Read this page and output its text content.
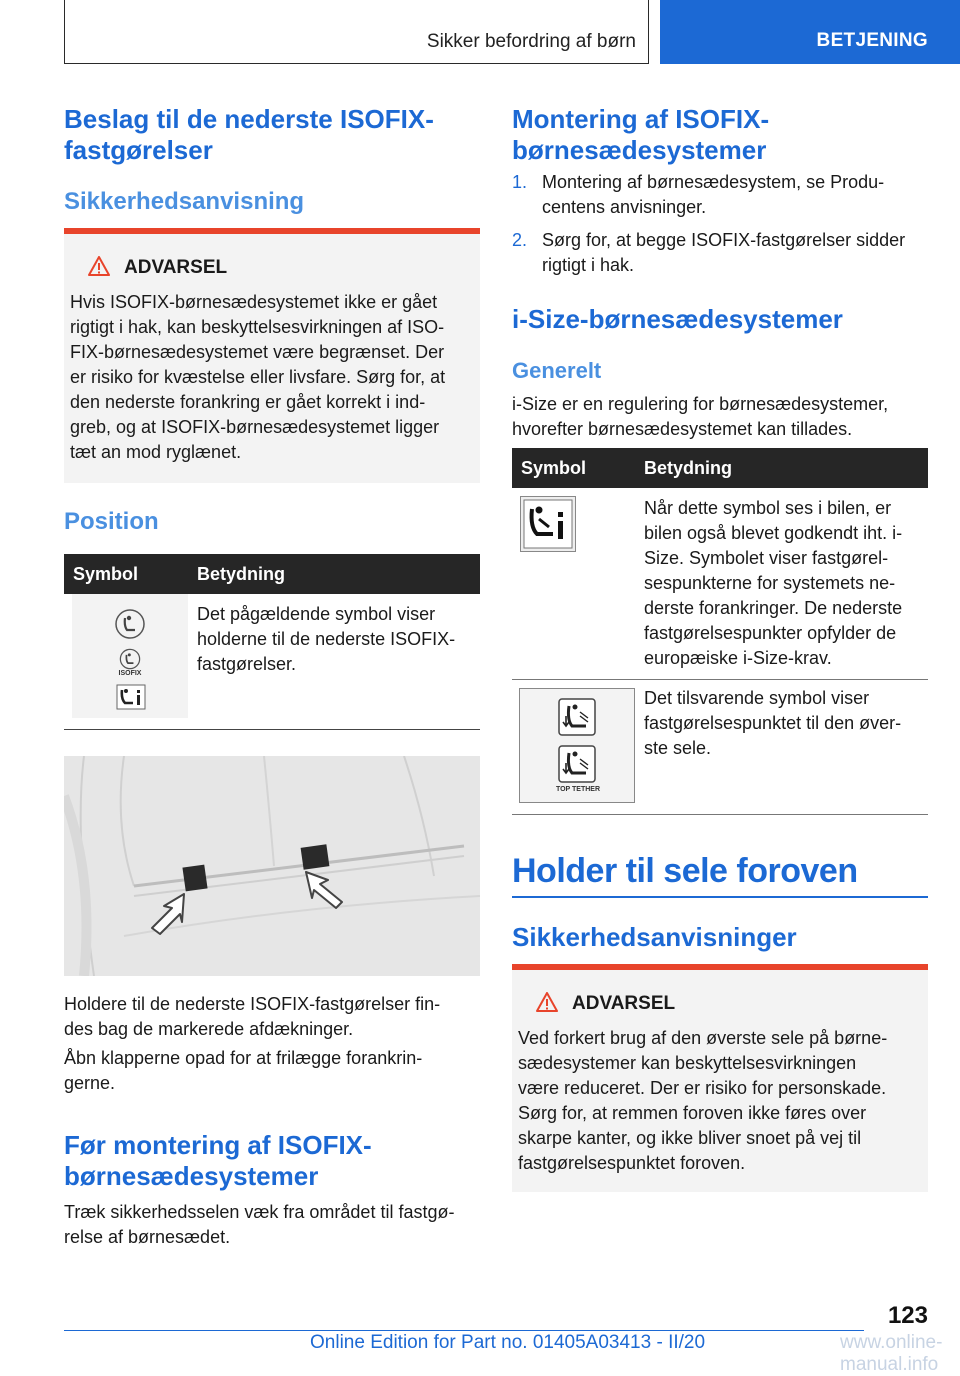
Sikker befordring af børn	BETJENING
Beslag til de nederste ISOFIX-
fastgørelser
Sikkerhedsanvisning
ADVARSEL
Hvis ISOFIX-børnesædesystemet ikke er gået
rigtigt i hak, kan beskyttelsesvirkningen af ISO-
FIX-børnesædesystemet være begrænset. Der
er risiko for kvæstelse eller livsfare. Sørg for, at
den nederste forankring er gået korrekt i ind-
greb, og at ISOFIX-børnesædesystemet ligger
tæt an mod ryglænet.
Position
Symbol	Betydning
ISOFIX
Det pågældende symbol viser
holderne til de nederste ISOFIX-
fastgørelser.
Holdere til de nederste ISOFIX-fastgørelser fin-
des bag de markerede afdækninger.
Åbn klapperne opad for at frilægge forankrin-
gerne.
Før montering af ISOFIX-
børnesædesystemer
Træk sikkerhedsselen væk fra området til fastgø-
relse af børnesædet.
Montering af ISOFIX-
børnesædesystemer
1. Montering af børnesædesystem, se Produ-
centens anvisninger.
2. Sørg for, at begge ISOFIX-fastgørelser sidder
rigtigt i hak.
i-Size-børnesædesystemer
Generelt
i-Size er en regulering for børnesædesystemer,
hvorefter børnesædesystemet kan tillades.
Symbol	Betydning
Når dette symbol ses i bilen, er
bilen også blevet godkendt iht. i-
Size. Symbolet viser fastgørel-
sespunkterne for systemets ne-
derste forankringer. De nederste
fastgørelsespunkter opfylder de
europæiske i-Size-krav.
TOP TETHER
Det tilsvarende symbol viser
fastgørelsespunktet til den øver-
ste sele.
Holder til sele foroven
Sikkerhedsanvisninger
ADVARSEL
Ved forkert brug af den øverste sele på børne-
sædesystemer kan beskyttelsesvirkningen
være reduceret. Der er risiko for personskade.
Sørg for, at remmen foroven ikke føres over
skarpe kanter, og ikke bliver snoet på vej til
fastgørelsespunktet foroven.
123
Online Edition for Part no. 01405A03413 - II/20	www.online-manual.info
